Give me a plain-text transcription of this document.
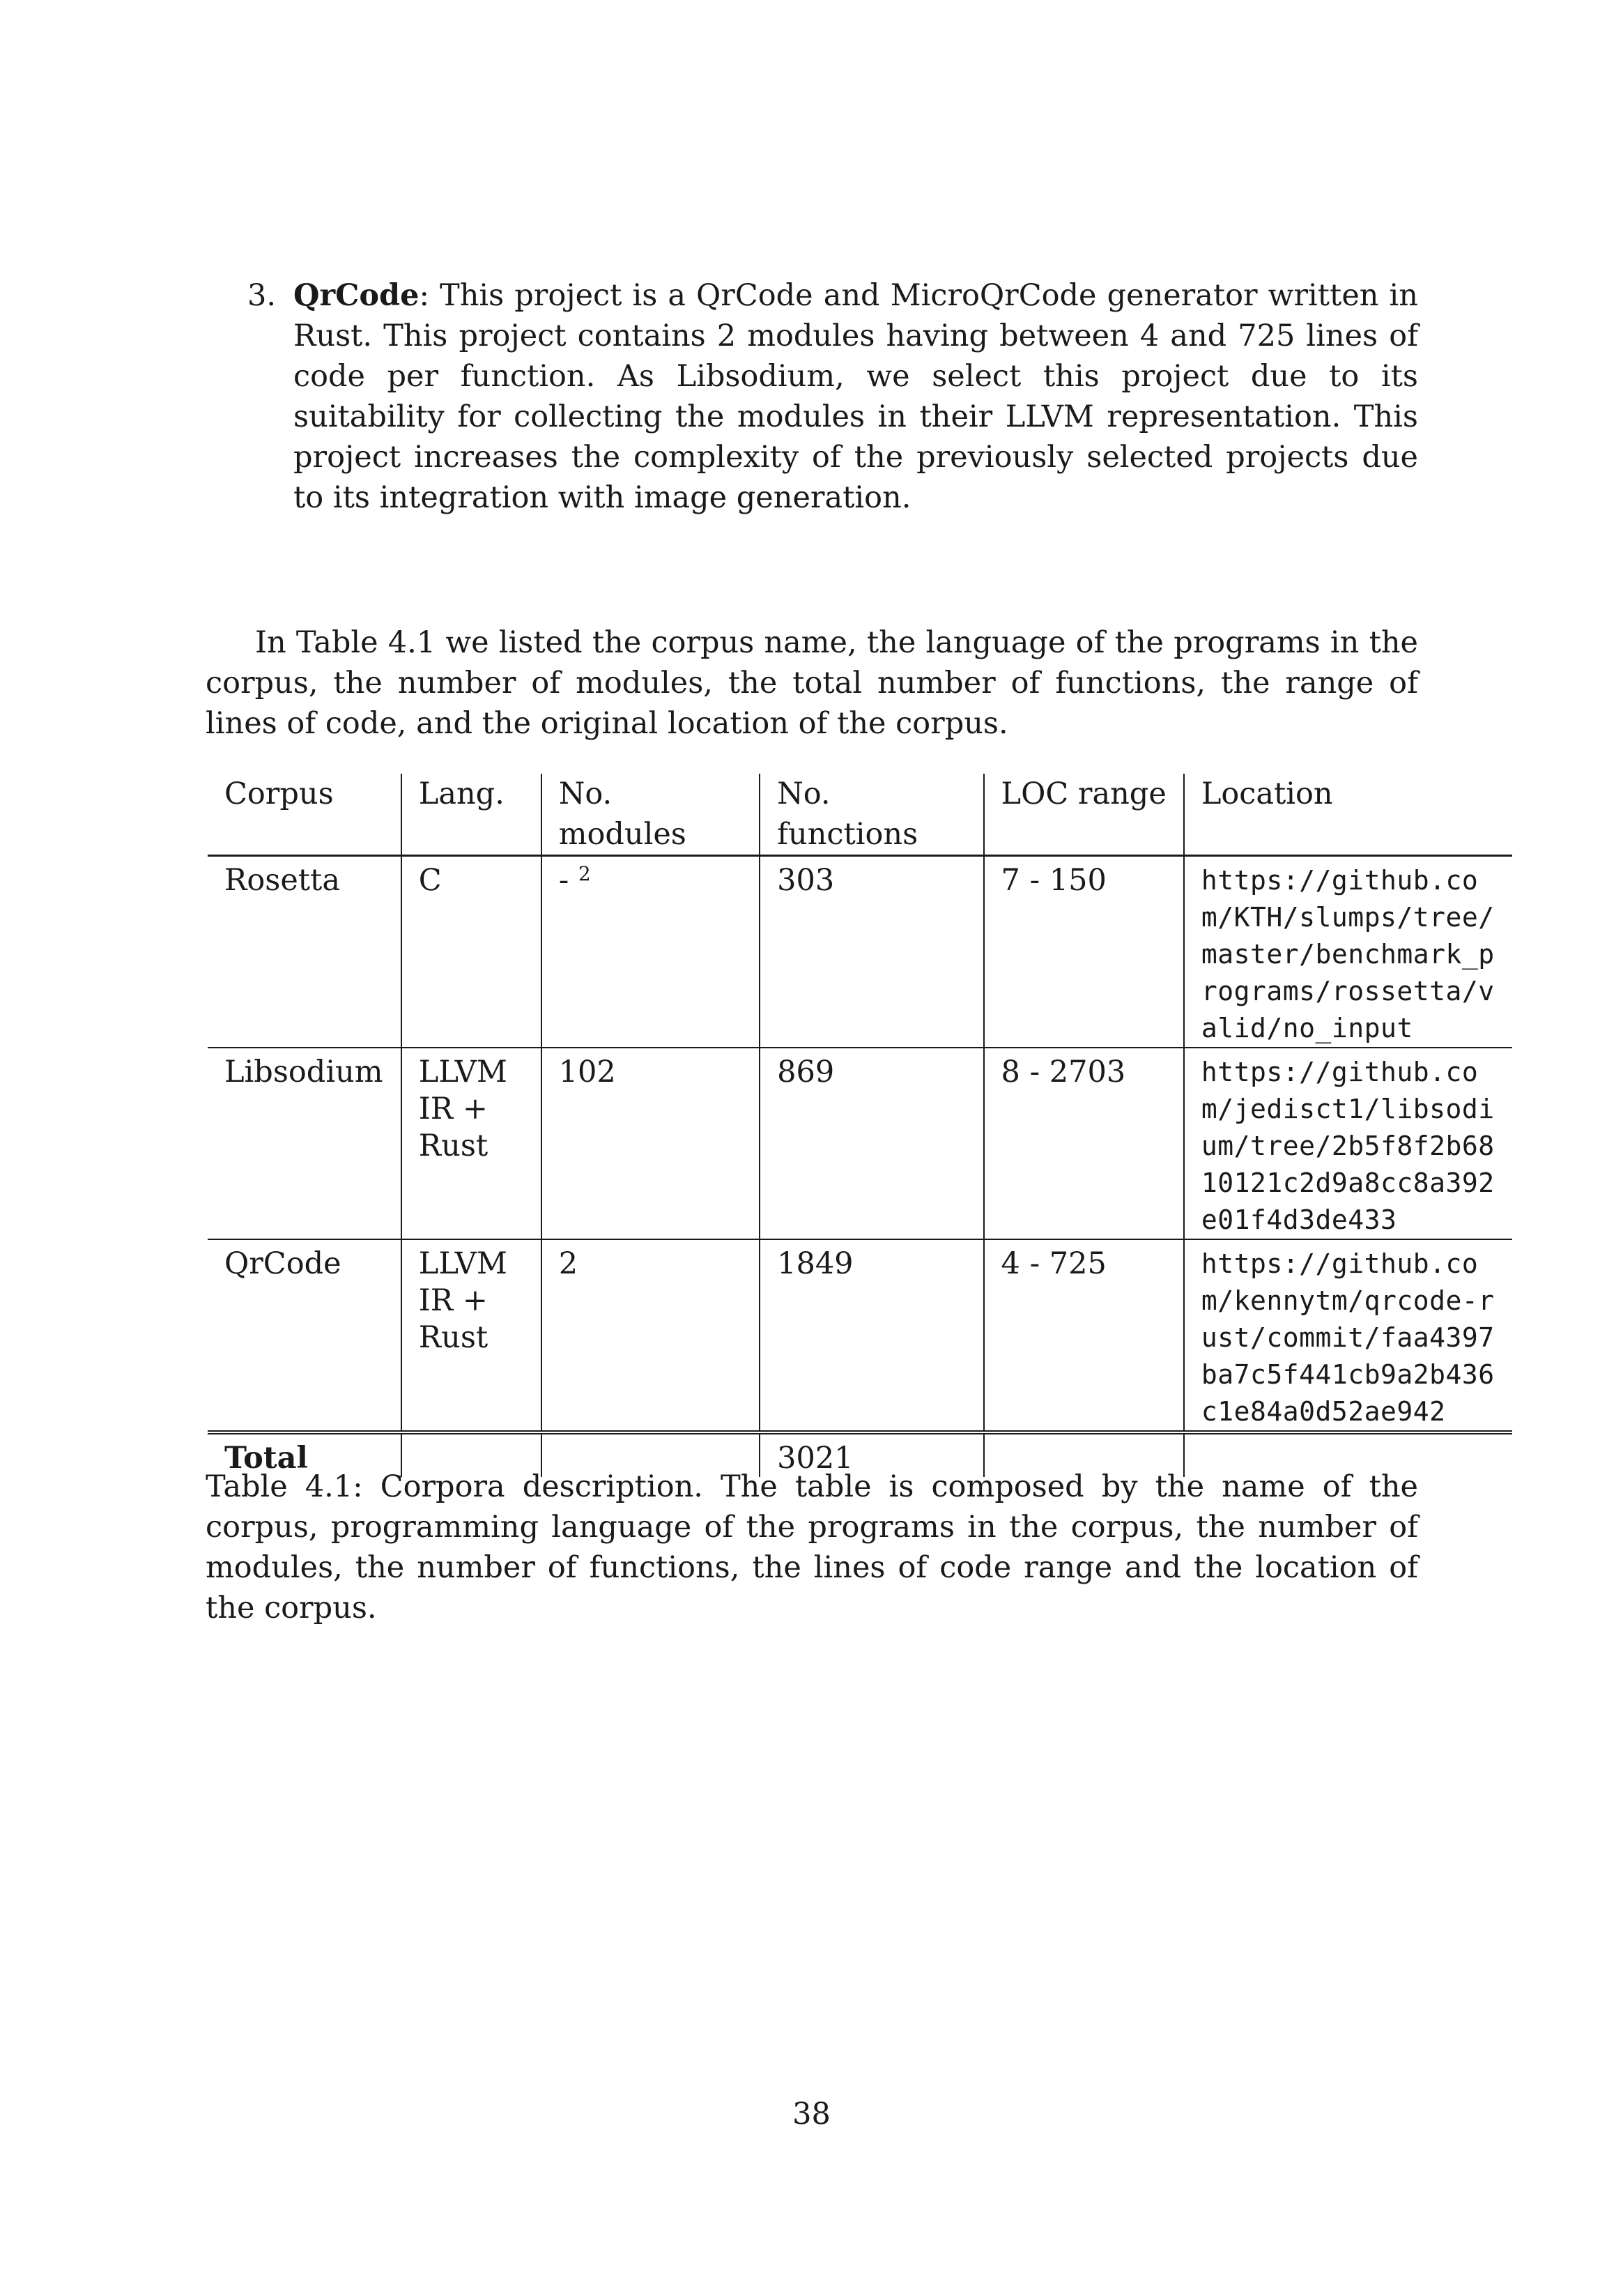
3. QrCode: This project is a QrCode and MicroQrCode generator written in Rust. This project contains 2 modules having between 4 and 725 lines of code per function. As Libsodium, we select this project due to its suitability for collecting the modules in their LLVM representation. This project increases the complexity of the previously selected projects due to its integration with image generation.

In Table 4.1 we listed the corpus name, the language of the programs in the corpus, the number of modules, the total number of functions, the range of lines of code, and the original location of the corpus.

Corpus	Lang.	No. modules	No. functions	LOC range	Location
Rosetta	C	- $^2$	303	7 - 150	https://github.com/KTH/slumps/tree/master/benchmark_programs/rossetta/valid/no_input
Libsodium	LLVM IR + Rust	102	869	8 - 2703	https://github.com/jedisct1/libsodium/tree/2b5f8f2b6810121c2d9a8cc8a392e01f4d3de433
QrCode	LLVM IR + Rust	2	1849	4 - 725	https://github.com/kennytm/qrcode-rust/commit/faa4397ba7c5f441cb9a2b436c1e84a0d52ae942
Total			3021		

Table 4.1: Corpora description. The table is composed by the name of the corpus, programming language of the programs in the corpus, the number of modules, the number of functions, the lines of code range and the location of the corpus.

38
